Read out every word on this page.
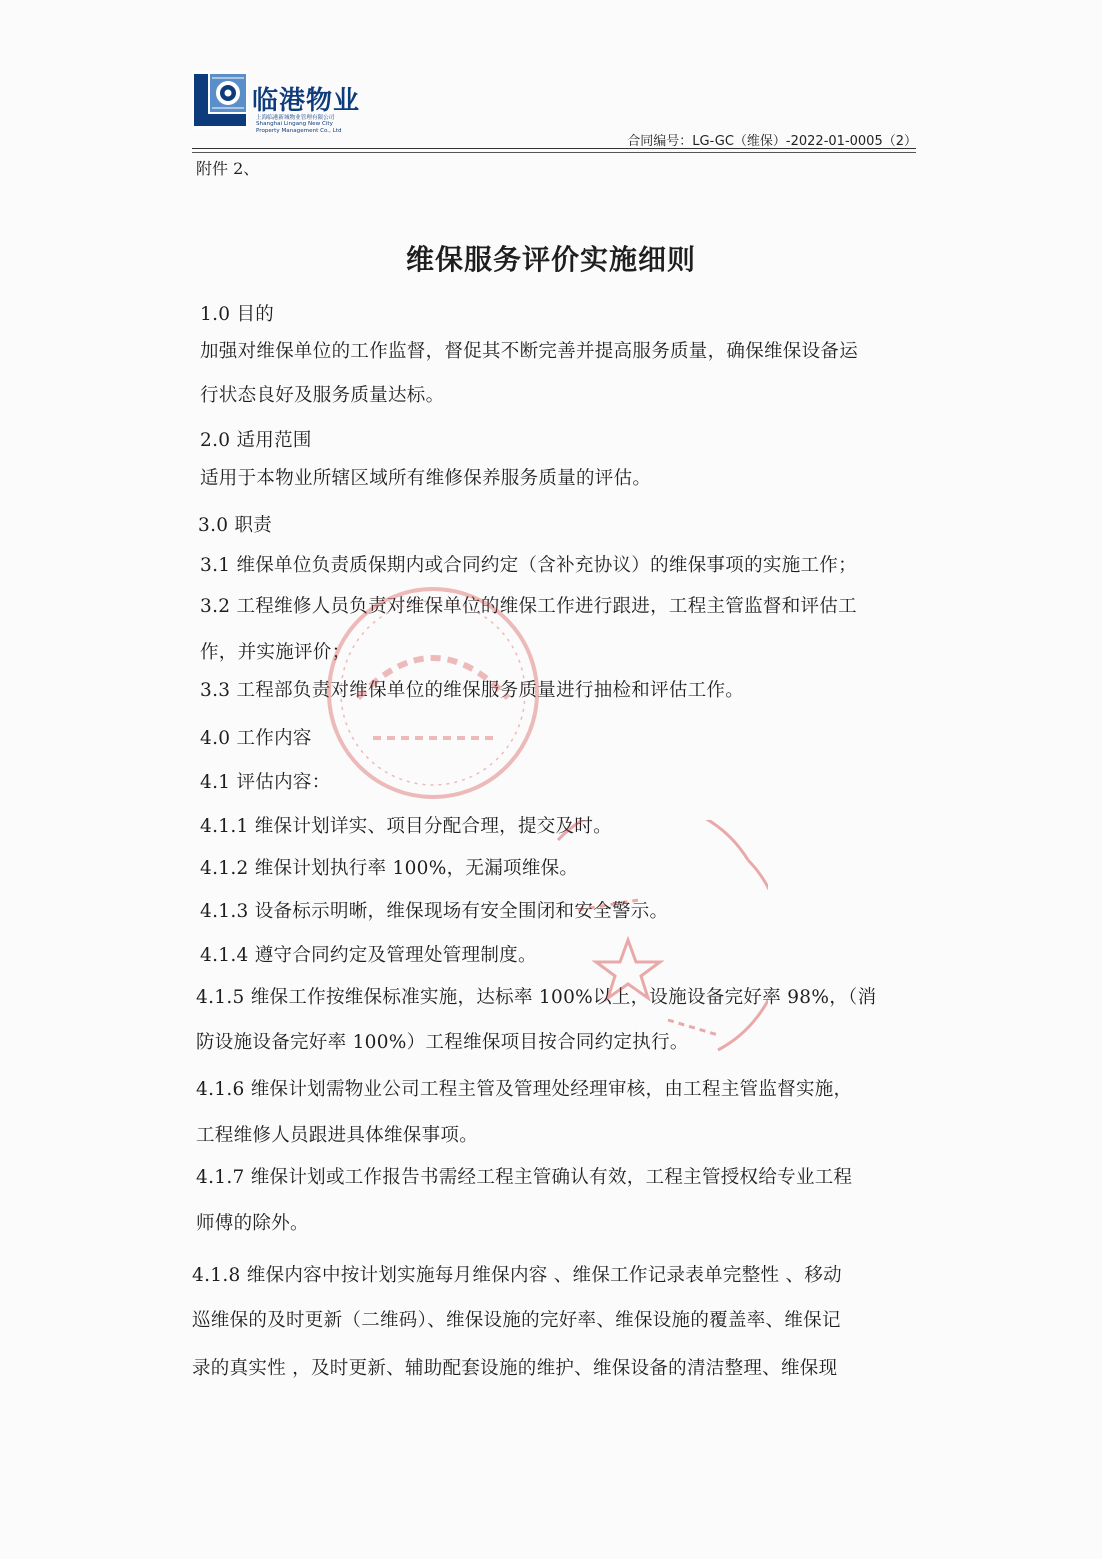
临港物业
上海临港新城物业管理有限公司
Shanghai Lingang New City
Property Management Co., Ltd
合同编号：LG-GC（维保）-2022-01-0005（2）
附件 2、
维保服务评价实施细则
1.0 目的
加强对维保单位的工作监督，督促其不断完善并提高服务质量，确保维保设备运
行状态良好及服务质量达标。
2.0 适用范围
适用于本物业所辖区域所有维修保养服务质量的评估。
3.0 职责
3.1 维保单位负责质保期内或合同约定（含补充协议）的维保事项的实施工作；
3.2 工程维修人员负责对维保单位的维保工作进行跟进，工程主管监督和评估工
作，并实施评价；
3.3 工程部负责对维保单位的维保服务质量进行抽检和评估工作。
4.0 工作内容
4.1 评估内容：
4.1.1 维保计划详实、项目分配合理，提交及时。
4.1.2 维保计划执行率 100%，无漏项维保。
4.1.3 设备标示明晰，维保现场有安全围闭和安全警示。
4.1.4 遵守合同约定及管理处管理制度。
4.1.5 维保工作按维保标准实施，达标率 100%以上，设施设备完好率 98%，（消
防设施设备完好率 100%）工程维保项目按合同约定执行。
4.1.6 维保计划需物业公司工程主管及管理处经理审核，由工程主管监督实施，
工程维修人员跟进具体维保事项。
4.1.7 维保计划或工作报告书需经工程主管确认有效，工程主管授权给专业工程
师傅的除外。
4.1.8 维保内容中按计划实施每月维保内容 、维保工作记录表单完整性 、移动
巡维保的及时更新（二维码）、维保设施的完好率、维保设施的覆盖率、维保记
录的真实性 ，及时更新、辅助配套设施的维护、维保设备的清洁整理、维保现
